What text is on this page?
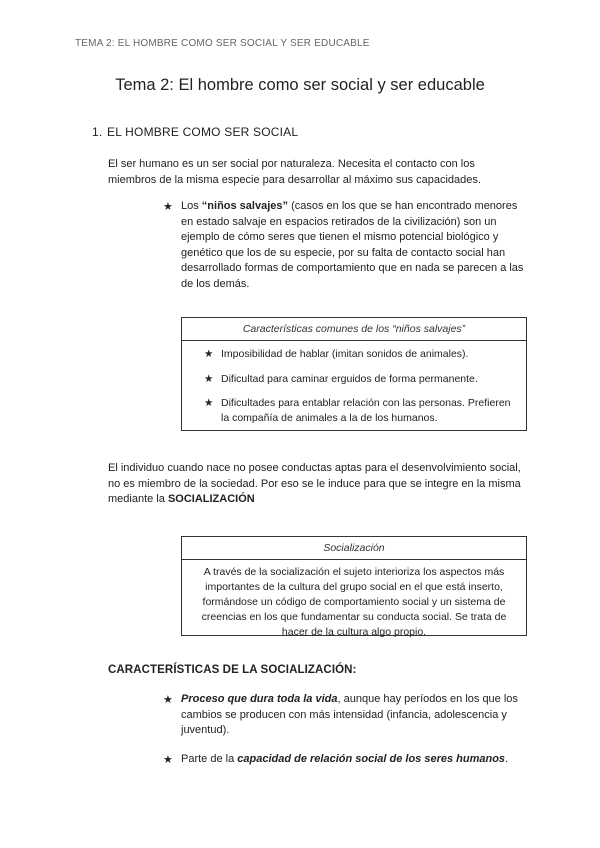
TEMA 2: EL HOMBRE COMO SER SOCIAL Y SER EDUCABLE
Tema 2: El hombre como ser social y ser educable
1. EL HOMBRE COMO SER SOCIAL
El ser humano es un ser social por naturaleza. Necesita el contacto con los miembros de la misma especie para desarrollar al máximo sus capacidades.
★ Los “niños salvajes” (casos en los que se han encontrado menores en estado salvaje en espacios retirados de la civilización) son un ejemplo de cómo seres que tienen el mismo potencial biológico y genético que los de su especie, por su falta de contacto social han desarrollado formas de comportamiento que en nada se parecen a las de los demás.
Características comunes de los “niños salvajes”
★ Imposibilidad de hablar (imitan sonidos de animales).
★ Dificultad para caminar erguidos de forma permanente.
★ Dificultades para entablar relación con las personas. Prefieren la compañía de animales a la de los humanos.
El individuo cuando nace no posee conductas aptas para el desenvolvimiento social, no es miembro de la sociedad. Por eso se le induce para que se integre en la misma mediante la SOCIALIZACIÓN
Socialización
A través de la socialización el sujeto interioriza los aspectos más importantes de la cultura del grupo social en el que está inserto, formándose un código de comportamiento social y un sistema de creencias en los que fundamentar su conducta social. Se trata de hacer de la cultura algo propio.
CARACTERÍSTICAS DE LA SOCIALIZACIÓN:
★ Proceso que dura toda la vida, aunque hay períodos en los que los cambios se producen con más intensidad (infancia, adolescencia y juventud).
★ Parte de la capacidad de relación social de los seres humanos.
